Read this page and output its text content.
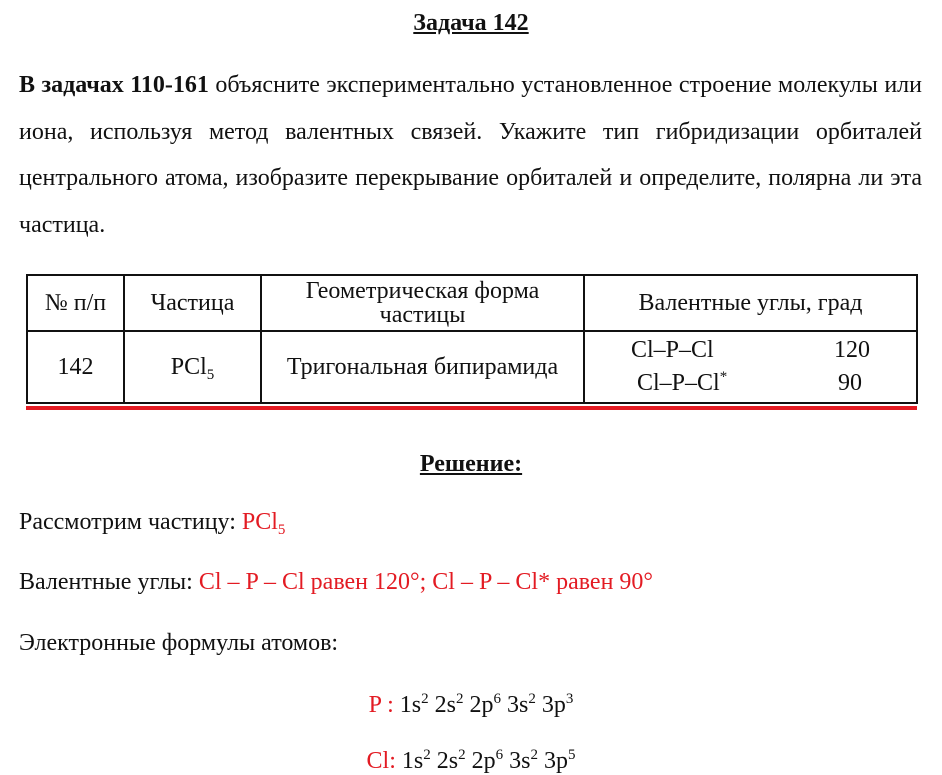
Задача 142
В задачах 110-161 объясните экспериментально установленное строение молекулы или иона, используя метод валентных связей. Укажите тип гибридизации орбиталей центрального атома, изобразите перекрывание орбиталей и определите, полярна ли эта частица.
№ п/п	Частица	Геометрическая форма частицы	Валентные углы, град
142	PCl$_5$	Тригональная бипирамида	Cl–P–Cl 120
Cl–P–Cl* 90
Решение:
Рассмотрим частицу: PCl$_5$
Валентные углы: Cl – P – Cl равен 120°; Cl – P – Cl* равен 90°
Электронные формулы атомов:
P : $1s^2$ $2s^2$ $2p^6$ $3s^2$ $3p^3$
Cl: $1s^2$ $2s^2$ $2p^6$ $3s^2$ $3p^5$
